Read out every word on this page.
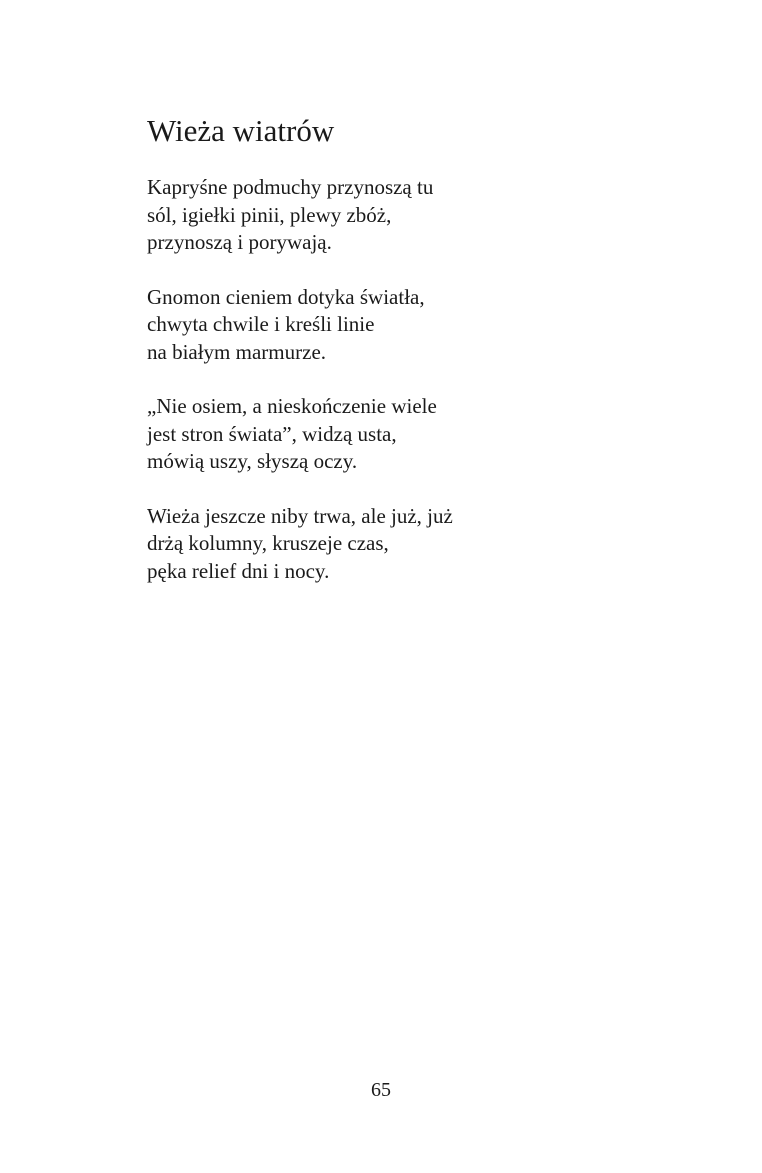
Wieża wiatrów

Kapryśne podmuchy przynoszą tu
sól, igiełki pinii, plewy zbóż,
przynoszą i porywają.

Gnomon cieniem dotyka światła,
chwyta chwile i kreśli linie
na białym marmurze.

„Nie osiem, a nieskończenie wiele
jest stron świata”, widzą usta,
mówią uszy, słyszą oczy.

Wieża jeszcze niby trwa, ale już, już
drżą kolumny, kruszeje czas,
pęka relief dni i nocy.

65
